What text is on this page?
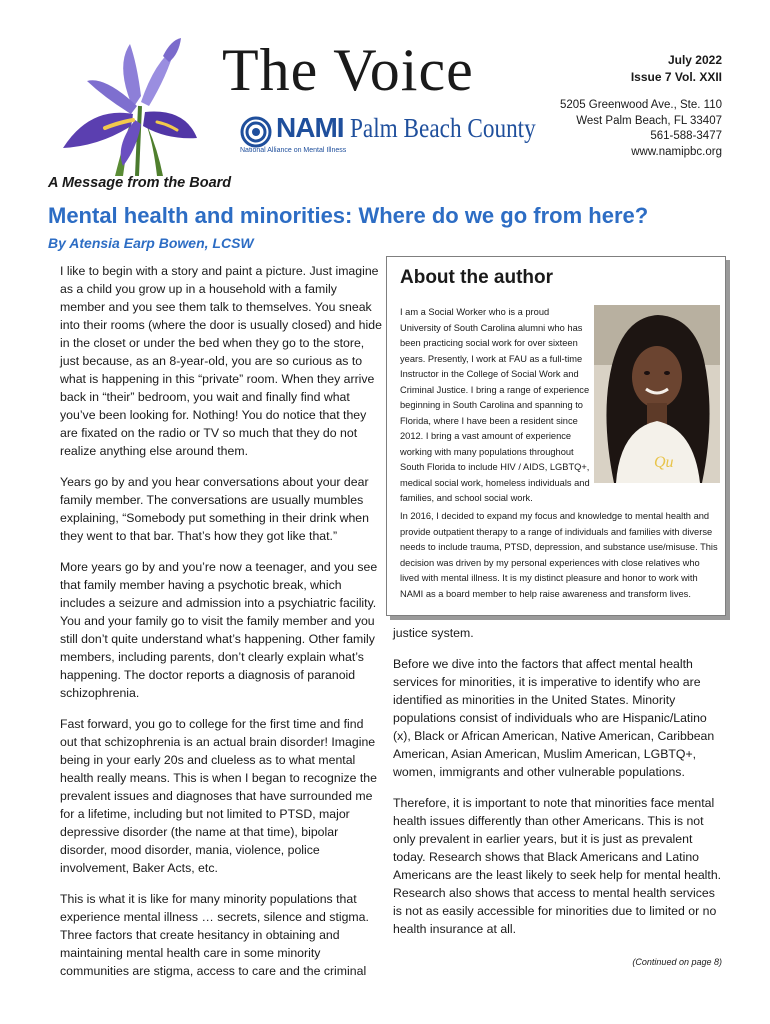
The Voice
NAMI Palm Beach County
National Alliance on Mental Illness
July 2022
Issue 7 Vol. XXII
5205 Greenwood Ave., Ste. 110
West Palm Beach, FL 33407
561-588-3477
www.namipbc.org
A Message from the Board
Mental health and minorities: Where do we go from here?
By Atensia Earp Bowen, LCSW

I like to begin with a story and paint a picture. Just imagine as a child you grow up in a household with a family member and you see them talk to themselves. You sneak into their rooms (where the door is usually closed) and hide in the closet or under the bed when they go to the store, just because, as an 8-year-old, you are so curious as to what is happening in this “private” room. When they arrive back in “their” bedroom, you wait and finally find what you’ve been looking for. Nothing! You do notice that they are fixated on the radio or TV so much that they do not realize anything else around them.

Years go by and you hear conversations about your dear family member. The conversations are usually mumbles explaining, “Somebody put something in their drink when they went to that bar. That’s how they got like that.”

More years go by and you’re now a teenager, and you see that family member having a psychotic break, which includes a seizure and admission into a psychiatric facility. You and your family go to visit the family member and you still don’t quite understand what’s happening. Other family members, including parents, don’t clearly explain what’s happening. The doctor reports a diagnosis of paranoid schizophrenia.

Fast forward, you go to college for the first time and find out that schizophrenia is an actual brain disorder! Imagine being in your early 20s and clueless as to what mental health really means. This is when I began to recognize the prevalent issues and diagnoses that have surrounded me for a lifetime, including but not limited to PTSD, major depressive disorder (the name at that time), bipolar disorder, mood disorder, mania, violence, police involvement, Baker Acts, etc.

This is what it is like for many minority populations that experience mental illness … secrets, silence and stigma. Three factors that create hesitancy in obtaining and maintaining mental health care in some minority communities are stigma, access to care and the criminal

About the author
I am a Social Worker who is a proud University of South Carolina alumni who has been practicing social work for over sixteen years. Presently, I work at FAU as a full-time Instructor in the College of Social Work and Criminal Justice. I bring a range of experience beginning in South Carolina and spanning to Florida, where I have been a resident since 2012. I bring a vast amount of experience working with many populations throughout South Florida to include HIV / AIDS, LGBTQ+, medical social work, homeless individuals and families, and school social work.
Qu
In 2016, I decided to expand my focus and knowledge to mental health and provide outpatient therapy to a range of individuals and families with diverse needs to include trauma, PTSD, depression, and substance use/misuse. This decision was driven by my personal experiences with close relatives who lived with mental illness. It is my distinct pleasure and honor to work with NAMI as a board member to help raise awareness and transform lives.

justice system.

Before we dive into the factors that affect mental health services for minorities, it is imperative to identify who are identified as minorities in the United States. Minority populations consist of individuals who are Hispanic/Latino (x), Black or African American, Native American, Caribbean American, Asian American, Muslim American, LGBTQ+, women, immigrants and other vulnerable populations.

Therefore, it is important to note that minorities face mental health issues differently than other Americans. This is not only prevalent in earlier years, but it is just as prevalent today. Research shows that Black Americans and Latino Americans are the least likely to seek help for mental health. Research also shows that access to mental health services is not as easily accessible for minorities due to limited or no health insurance at all.

(Continued on page 8)
